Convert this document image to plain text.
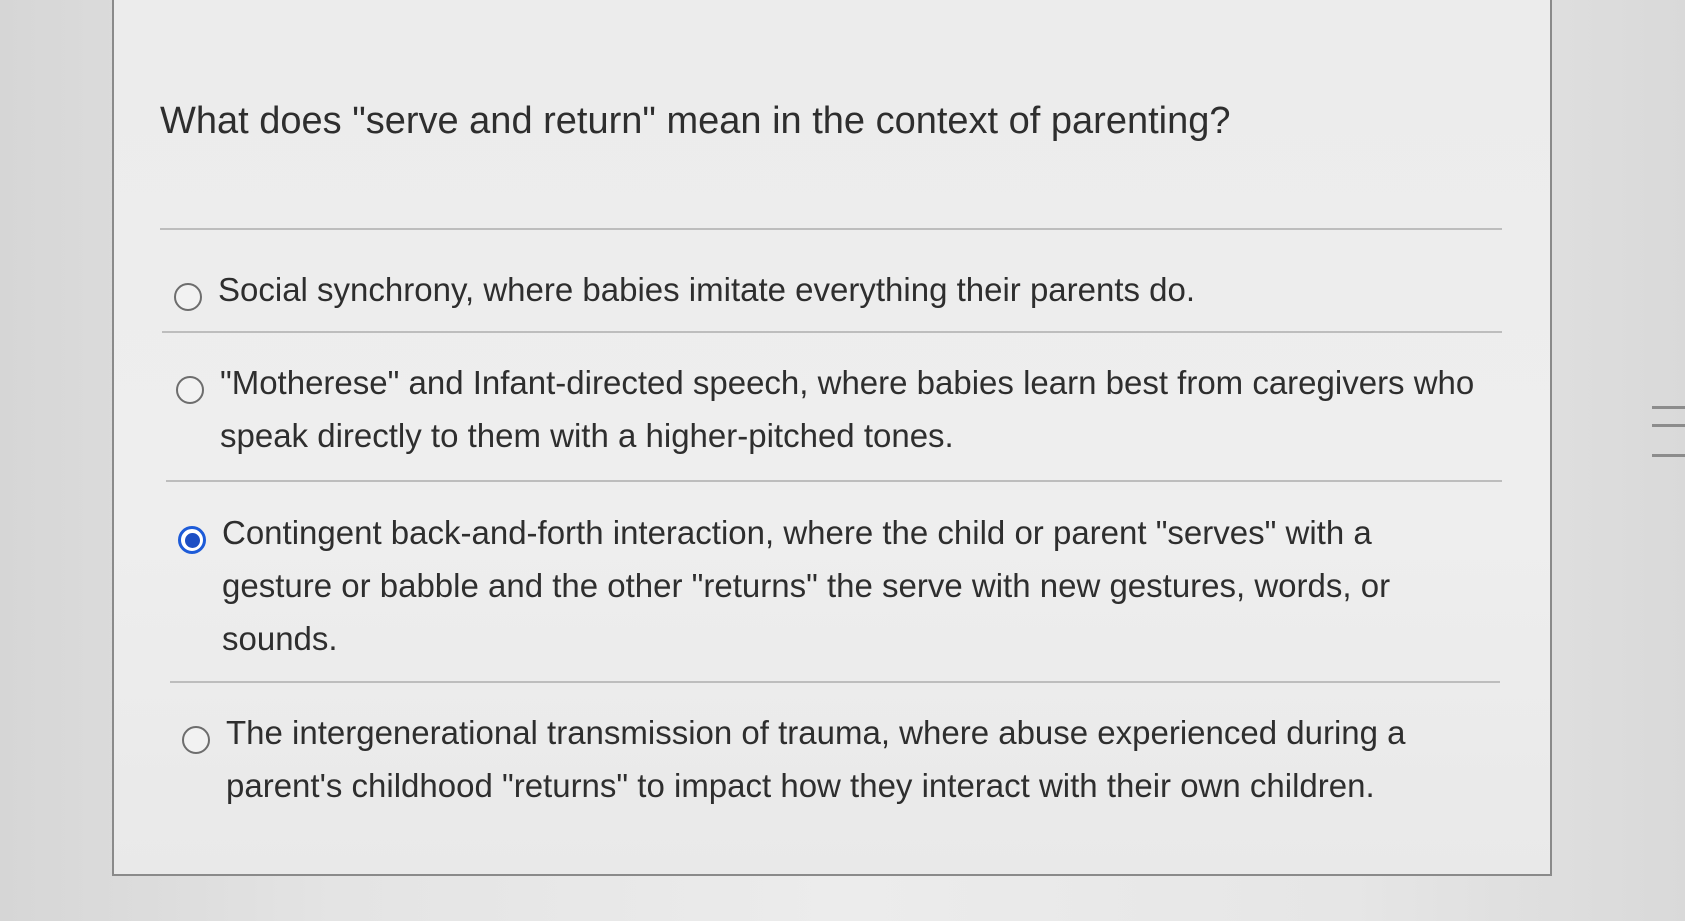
What does "serve and return" mean in the context of parenting?
Social synchrony, where babies imitate everything their parents do.
"Motherese" and Infant-directed speech, where babies learn best from caregivers who speak directly to them with a higher-pitched tones.
Contingent back-and-forth interaction, where the child or parent "serves" with a gesture or babble and the other "returns" the serve with new gestures, words, or sounds.
The intergenerational transmission of trauma, where abuse experienced during a parent's childhood "returns" to impact how they interact with their own children.
